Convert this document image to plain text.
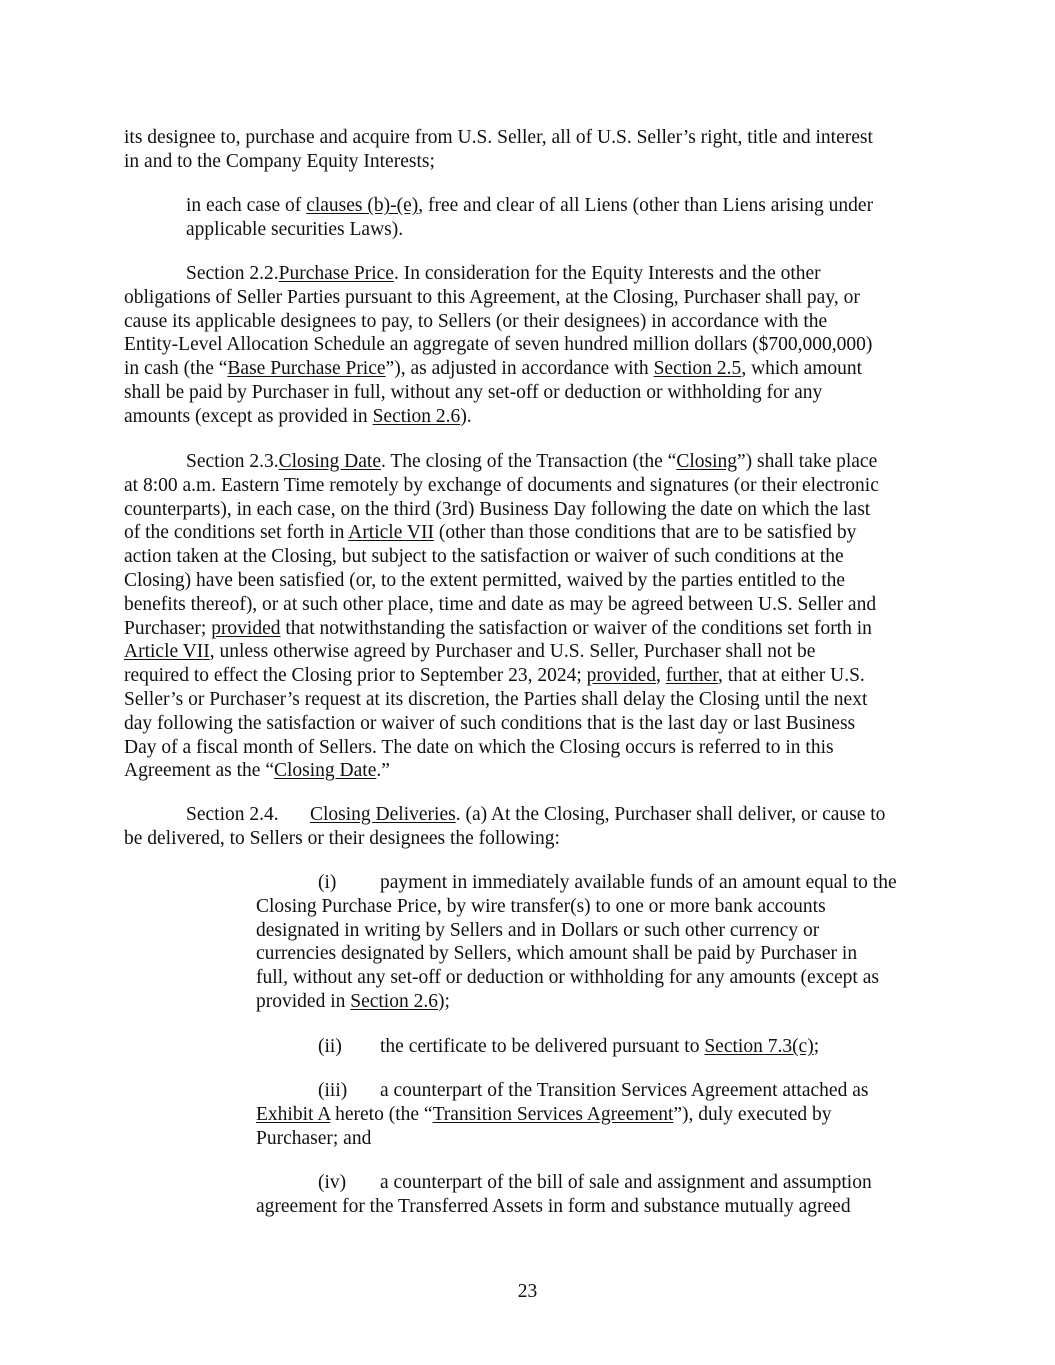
its designee to, purchase and acquire from U.S. Seller, all of U.S. Seller’s right, title and interest
in and to the Company Equity Interests;

in each case of clauses (b)-(e), free and clear of all Liens (other than Liens arising under
applicable securities Laws).

Section 2.2.Purchase Price. In consideration for the Equity Interests and the other
obligations of Seller Parties pursuant to this Agreement, at the Closing, Purchaser shall pay, or
cause its applicable designees to pay, to Sellers (or their designees) in accordance with the
Entity-Level Allocation Schedule an aggregate of seven hundred million dollars ($700,000,000)
in cash (the “Base Purchase Price”), as adjusted in accordance with Section 2.5, which amount
shall be paid by Purchaser in full, without any set-off or deduction or withholding for any
amounts (except as provided in Section 2.6).

Section 2.3.Closing Date. The closing of the Transaction (the “Closing”) shall take place
at 8:00 a.m. Eastern Time remotely by exchange of documents and signatures (or their electronic
counterparts), in each case, on the third (3rd) Business Day following the date on which the last
of the conditions set forth in Article VII (other than those conditions that are to be satisfied by
action taken at the Closing, but subject to the satisfaction or waiver of such conditions at the
Closing) have been satisfied (or, to the extent permitted, waived by the parties entitled to the
benefits thereof), or at such other place, time and date as may be agreed between U.S. Seller and
Purchaser; provided that notwithstanding the satisfaction or waiver of the conditions set forth in
Article VII, unless otherwise agreed by Purchaser and U.S. Seller, Purchaser shall not be
required to effect the Closing prior to September 23, 2024; provided, further, that at either U.S.
Seller’s or Purchaser’s request at its discretion, the Parties shall delay the Closing until the next
day following the satisfaction or waiver of such conditions that is the last day or last Business
Day of a fiscal month of Sellers. The date on which the Closing occurs is referred to in this
Agreement as the “Closing Date.”

Section 2.4. Closing Deliveries. (a) At the Closing, Purchaser shall deliver, or cause to
be delivered, to Sellers or their designees the following:

(i) payment in immediately available funds of an amount equal to the
Closing Purchase Price, by wire transfer(s) to one or more bank accounts
designated in writing by Sellers and in Dollars or such other currency or
currencies designated by Sellers, which amount shall be paid by Purchaser in
full, without any set-off or deduction or withholding for any amounts (except as
provided in Section 2.6);

(ii) the certificate to be delivered pursuant to Section 7.3(c);

(iii) a counterpart of the Transition Services Agreement attached as
Exhibit A hereto (the “Transition Services Agreement”), duly executed by
Purchaser; and

(iv) a counterpart of the bill of sale and assignment and assumption
agreement for the Transferred Assets in form and substance mutually agreed

23
